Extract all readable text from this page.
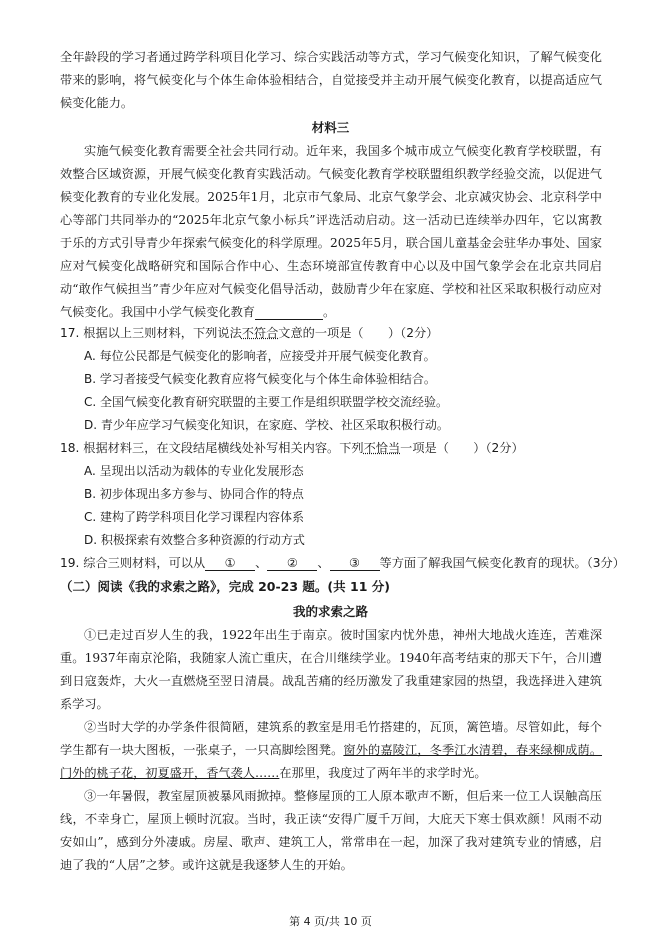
全年龄段的学习者通过跨学科项目化学习、综合实践活动等方式，学习气候变化知识，了解气候变化带来的影响，将气候变化与个体生命体验相结合，自觉接受并主动开展气候变化教育，以提高适应气候变化能力。

材料三

实施气候变化教育需要全社会共同行动。近年来，我国多个城市成立气候变化教育学校联盟，有效整合区域资源，开展气候变化教育实践活动。气候变化教育学校联盟组织教学经验交流，以促进气候变化教育的专业化发展。2025年1月，北京市气象局、北京气象学会、北京减灾协会、北京科学中心等部门共同举办的“2025年北京气象小标兵”评选活动启动。这一活动已连续举办四年，它以寓教于乐的方式引导青少年探索气候变化的科学原理。2025年5月，联合国儿童基金会驻华办事处、国家应对气候变化战略研究和国际合作中心、生态环境部宣传教育中心以及中国气象学会在北京共同启动“敢作气候担当”青少年应对气候变化倡导活动，鼓励青少年在家庭、学校和社区采取积极行动应对气候变化。我国中小学气候变化教育	。

17. 根据以上三则材料，下列说法不符合文意的一项是（　　）（2分）

A. 每位公民都是气候变化的影响者，应接受并开展气候变化教育。

B. 学习者接受气候变化教育应将气候变化与个体生命体验相结合。

C. 全国气候变化教育研究联盟的主要工作是组织联盟学校交流经验。

D. 青少年应学习气候变化知识，在家庭、学校、社区采取积极行动。

18. 根据材料三，在文段结尾横线处补写相关内容。下列不恰当一项是（　　）（2分）

A. 呈现出以活动为载体的专业化发展形态

B. 初步体现出多方参与、协同合作的特点

C. 建构了跨学科项目化学习课程内容体系

D. 积极探索有效整合多种资源的行动方式

19. 综合三则材料，可以从 ① 、 ② 、 ③ 等方面了解我国气候变化教育的现状。（3分）

（二）阅读《我的求索之路》，完成 20-23 题。(共 11 分)

我的求索之路

①已走过百岁人生的我，1922年出生于南京。彼时国家内忧外患，神州大地战火连连，苦难深重。1937年南京沦陷，我随家人流亡重庆，在合川继续学业。1940年高考结束的那天下午，合川遭到日寇轰炸，大火一直燃烧至翌日清晨。战乱苦痛的经历激发了我重建家园的热望，我选择进入建筑系学习。

②当时大学的办学条件很简陋，建筑系的教室是用毛竹搭建的，瓦顶，篱笆墙。尽管如此，每个学生都有一块大图板，一张桌子，一只高脚绘图凳。窗外的嘉陵江，冬季江水清碧，春来绿柳成荫。门外的桃子花，初夏盛开，香气袭人……在那里，我度过了两年半的求学时光。

③一年暑假，教室屋顶被暴风雨掀掉。整修屋顶的工人原本歌声不断，但后来一位工人误触高压线，不幸身亡，屋顶上顿时沉寂。当时，我正读“安得广厦千万间，大庇天下寒士俱欢颜！风雨不动安如山”，感到分外凄戚。房屋、歌声、建筑工人，常常串在一起，加深了我对建筑专业的情感，启迪了我的“人居”之梦。或许这就是我逐梦人生的开始。

第 4 页/共 10 页
